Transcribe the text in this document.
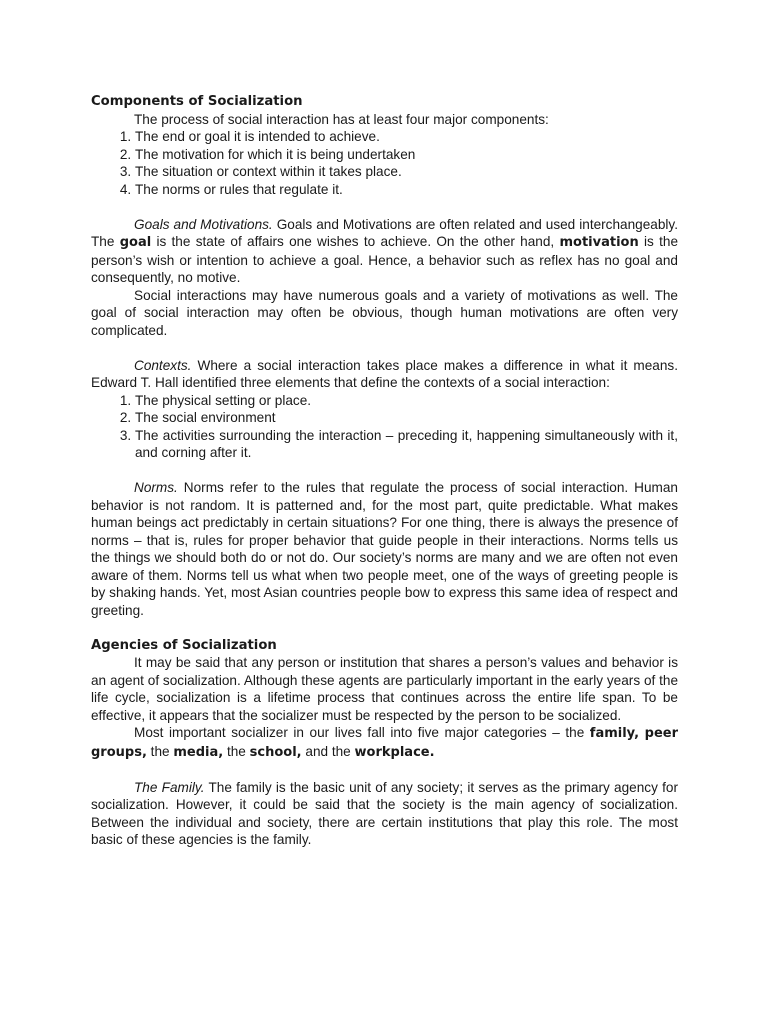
Components of Socialization

The process of social interaction has at least four major components:

1. The end or goal it is intended to achieve.
2. The motivation for which it is being undertaken
3. The situation or context within it takes place.
4. The norms or rules that regulate it.

Goals and Motivations. Goals and Motivations are often related and used interchangeably. The goal is the state of affairs one wishes to achieve. On the other hand, motivation is the person’s wish or intention to achieve a goal. Hence, a behavior such as reflex has no goal and consequently, no motive.

Social interactions may have numerous goals and a variety of motivations as well. The goal of social interaction may often be obvious, though human motivations are often very complicated.

Contexts. Where a social interaction takes place makes a difference in what it means. Edward T. Hall identified three elements that define the contexts of a social interaction:

1. The physical setting or place.
2. The social environment
3. The activities surrounding the interaction – preceding it, happening simultaneously with it, and corning after it.

Norms. Norms refer to the rules that regulate the process of social interaction. Human behavior is not random. It is patterned and, for the most part, quite predictable. What makes human beings act predictably in certain situations? For one thing, there is always the presence of norms – that is, rules for proper behavior that guide people in their interactions. Norms tells us the things we should both do or not do. Our society’s norms are many and we are often not even aware of them. Norms tell us what when two people meet, one of the ways of greeting people is by shaking hands. Yet, most Asian countries people bow to express this same idea of respect and greeting.

Agencies of Socialization

It may be said that any person or institution that shares a person’s values and behavior is an agent of socialization. Although these agents are particularly important in the early years of the life cycle, socialization is a lifetime process that continues across the entire life span. To be effective, it appears that the socializer must be respected by the person to be socialized.

Most important socializer in our lives fall into five major categories – the family, peer groups, the media, the school, and the workplace.

The Family. The family is the basic unit of any society; it serves as the primary agency for socialization. However, it could be said that the society is the main agency of socialization. Between the individual and society, there are certain institutions that play this role. The most basic of these agencies is the family.
